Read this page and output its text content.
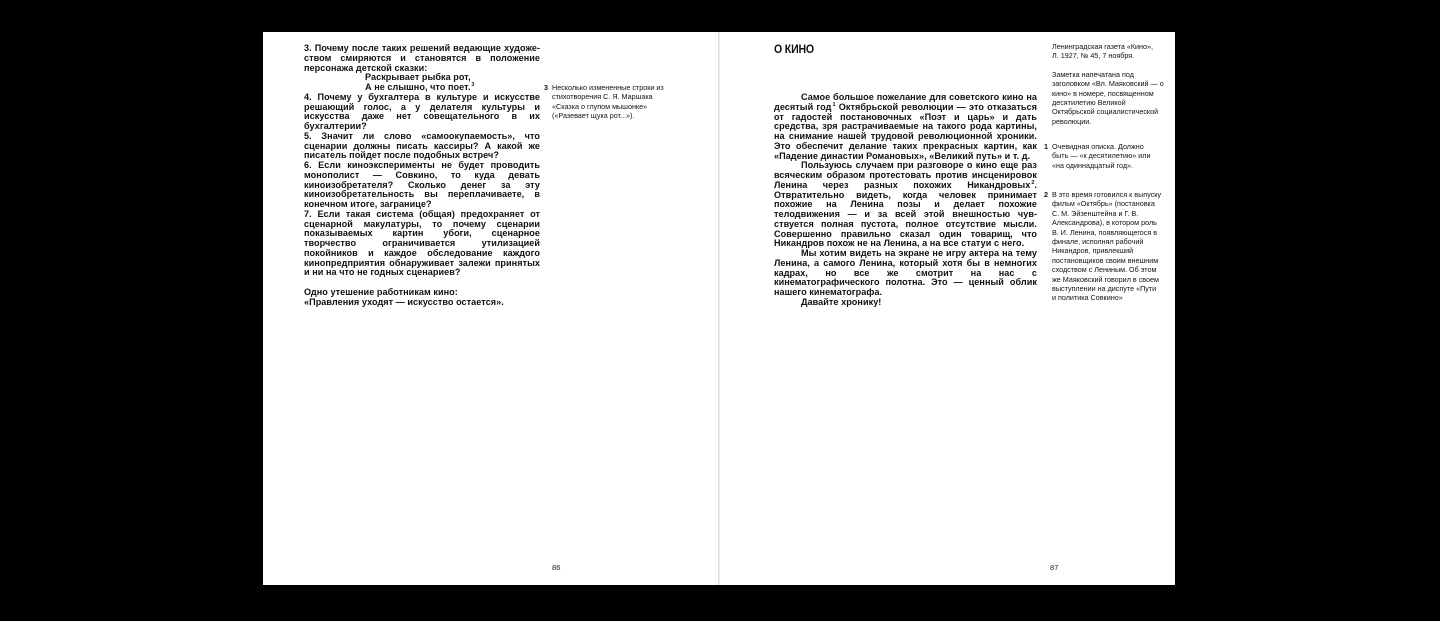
3. Почему после таких решений ведающие художеством смиряются и становятся в положение персонажа детской сказки:

Раскрывает рыбка рот,

А не слышно, что поет.$^3$

4. Почему у бухгалтера в культуре и искусстве решающий голос, а у делателя культуры и искусства даже нет совещательного в их бухгалтерии?

5. Значит ли слово «самоокупаемость», что сценарии должны писать кассиры? А какой же писатель пойдет после подобных встреч?

6. Если киноэксперименты не будет проводить монополист — Совкино, то куда девать киноизобретателя? Сколько денег за эту киноизобретательность вы переплачиваете, в конечном итоге, загранице?

7. Если такая система (общая) предохраняет от сценарной макулатуры, то почему сценарии показываемых картин убоги, сценарное творчество ограничивается утилизацией покойников и каждое обследование каждого кинопредприятия обнаруживает залежи принятых и ни на что не годных сценариев?

Одно утешение работникам кино:

«Правления уходят — искусство остается».

3 Несколько измененные строки из стихотворения С. Я. Маршака «Сказка о глупом мышонке» («Разевает щука рот...»).
86
О КИНО

Самое большое пожелание для советского кино на десятый год$^1$ Октябрьской революции — это отказаться от гадостей постановочных «Поэт и царь» и дать средства, зря растрачиваемые на такого рода картины, на снимание нашей трудовой революционной хроники. Это обеспечит делание таких прекрасных картин, как «Падение династии Романовых», «Великий путь» и т. д.

Пользуюсь случаем при разговоре о кино еще раз всяческим образом протестовать против инсценировок Ленина через разных похожих Никандровых$^2$. Отвратительно видеть, когда человек принимает похожие на Ленина позы и делает похожие телодвижения — и за всей этой внешностью чувствуется полная пустота, полное отсутствие мысли. Совершенно правильно сказал один товарищ, что Никандров похож не на Ленина, а на все статуи с него.

Мы хотим видеть на экране не игру актера на тему Ленина, а самого Ленина, который хотя бы в немногих кадрах, но все же смотрит на нас с кинематографического полотна. Это — ценный облик нашего кинематографа.

Давайте хронику!

Ленинградская газета «Кино»,

Л. 1927, № 45, 7 ноября.

Заметка напечатана под заголовком «Вл. Маяковский — о кино» в номере, посвященном десятилетию Великой Октябрьской социалистической революции.

1 Очевидная описка. Должно быть — «к десятилетию» или «на одиннадцатый год».
2 В это время готовился к выпуску фильм «Октябрь» (постановка С. М. Эйзенштейна и Г. В. Александрова), в котором роль В. И. Ленина, появляющегося в финале, исполнял рабочий Никандров, привлекший постановщиков своим внешним сходством с Лениным. Об этом же Маяковский говорил в своем выступлении на диспуте «Пути и политика Совкино»
87
